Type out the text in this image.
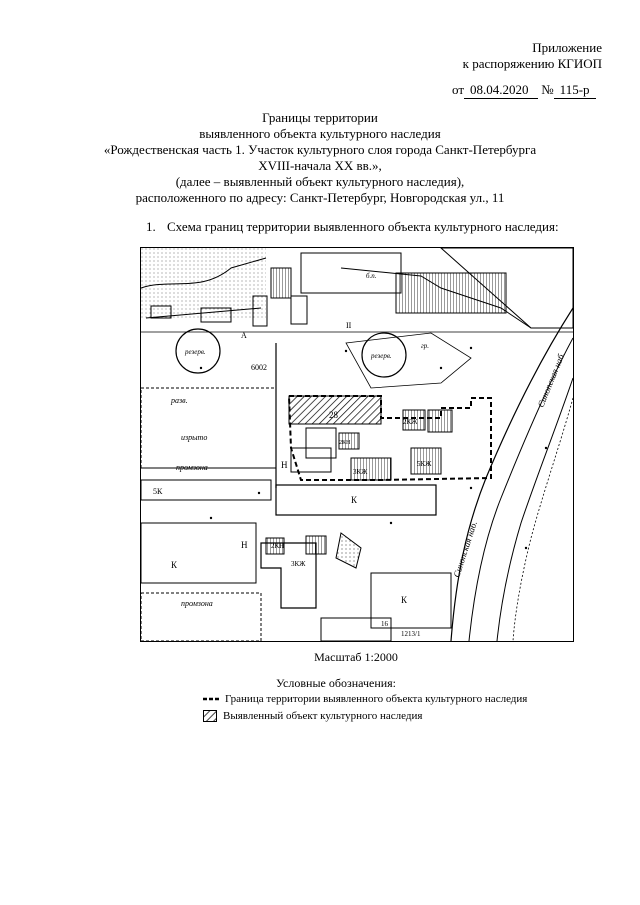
Приложение
к распоряжению КГИОП
от 08.04.2020 № 115-р
Границы территории
выявленного объекта культурного наследия
«Рождественская часть 1. Участок культурного слоя города Санкт-Петербурга
XVIII-начала XX вв.»,
(далее – выявленный объект культурного наследия),
расположенного по адресу: Санкт-Петербург, Новгородская ул., 11
1. Схема границ территории выявленного объекта культурного наследия:
резерв.	резерв.
разв.
изрыто
промзона
промзона
Синопская наб.
Синопская наб.
28
К
К
К
Н
Н
5К
3КЖ
5КЖ
2КЖ
3КЖ
2КН
1213/1
б.п.
гр.
А
II
6002
16
2КН
Масштаб 1:2000
Условные обозначения:
Граница территории выявленного объекта культурного наследия
Выявленный объект культурного наследия
